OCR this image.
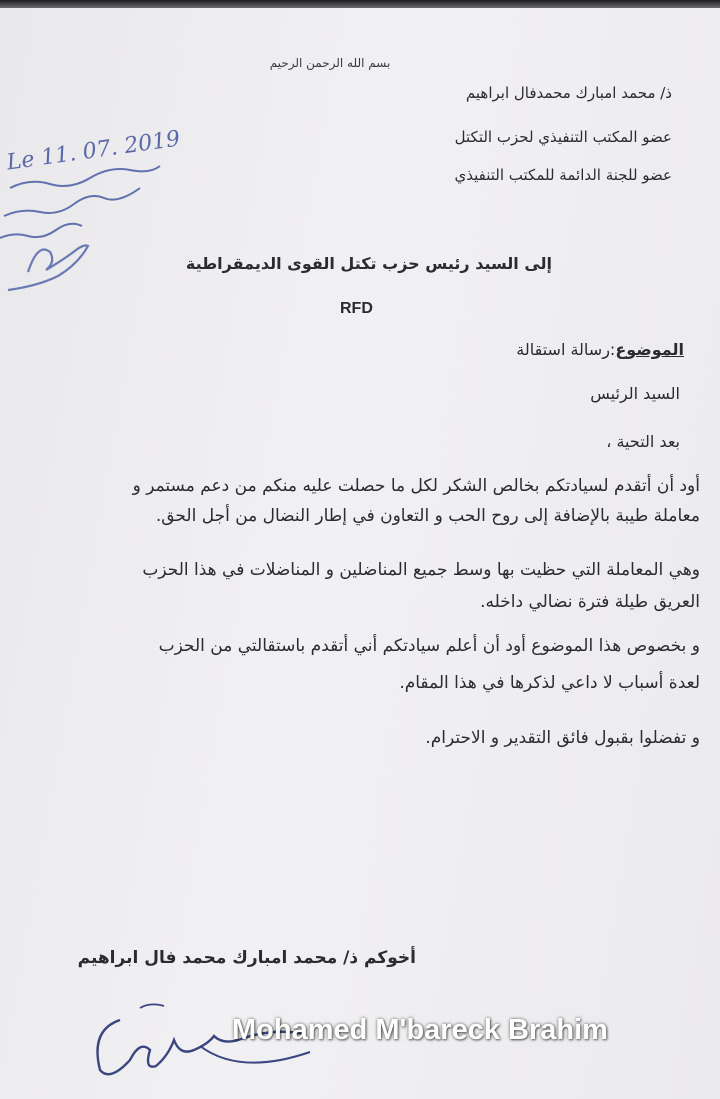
بسم الله الرحمن الرحيم
ذ/ محمد امبارك محمدفال ابراهيم
عضو المكتب التنفيذي لحزب التكتل
عضو للجنة الدائمة للمكتب التنفيذي
Le 11. 07. 2019
إلى السيد رئيس حزب تكتل القوى الديمقراطية
RFD
الموضوع:رسالة استقالة
السيد الرئيس
بعد التحية ،
أود أن أتقدم لسيادتكم بخالص الشكر لكل ما حصلت عليه منكم من دعم مستمر و
معاملة طيبة بالإضافة إلى روح الحب و التعاون في إطار النضال من أجل الحق.
وهي المعاملة التي حظيت بها وسط جميع المناضلين و المناضلات في هذا الحزب
العريق طيلة فترة نضالي داخله.
و بخصوص هذا الموضوع أود أن أعلم سيادتكم أني أتقدم باستقالتي من الحزب
لعدة أسباب لا داعي لذكرها في هذا المقام.
و تفضلوا بقبول فائق التقدير و الاحترام.
أخوكم ذ/ محمد امبارك محمد فال ابراهيم
Mohamed M'bareck Brahim
